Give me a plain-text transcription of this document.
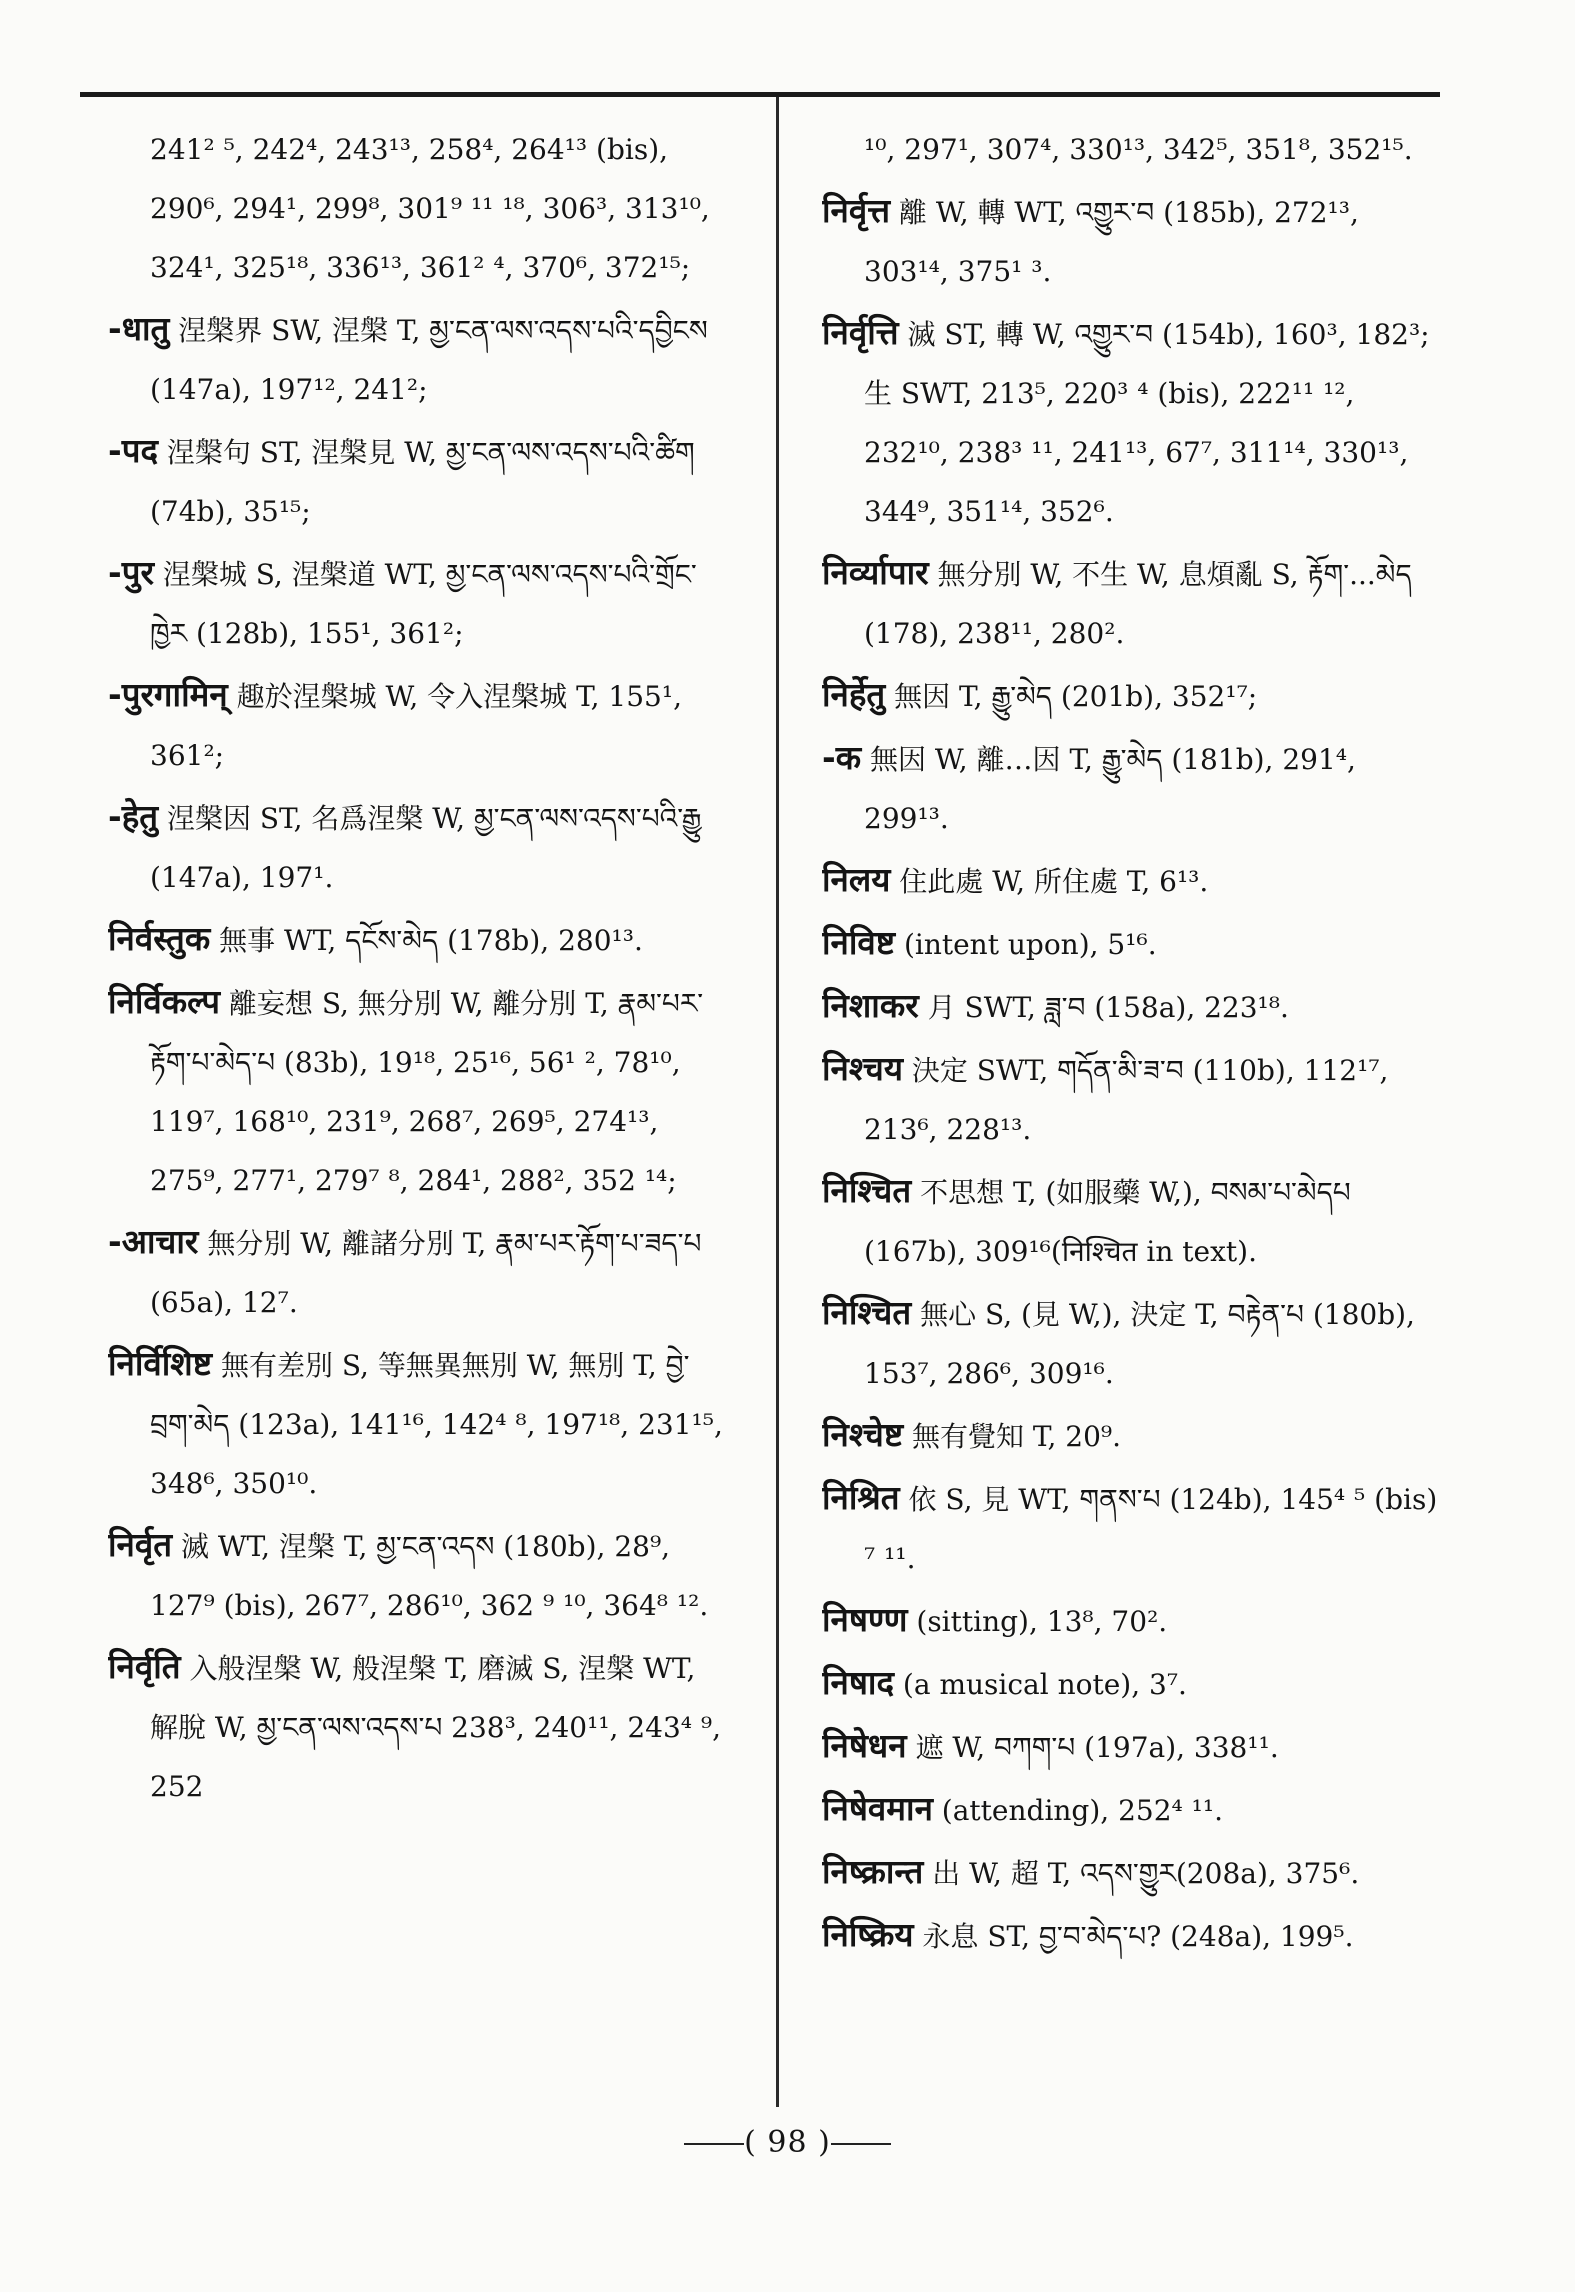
241² ⁵, 242⁴, 243¹³, 258⁴, 264¹³ (bis), 290⁶, 294¹, 299⁸, 301⁹ ¹¹ ¹⁸, 306³, 313¹⁰, 324¹, 325¹⁸, 336¹³, 361² ⁴, 370⁶, 372¹⁵;

-धातु 涅槃界 SW, 涅槃 T, མྱ་ངན་ལས་འདས་པའི་དབྱིངས (147a), 197¹², 241²;

-पद 涅槃句 ST, 涅槃見 W, མྱ་ངན་ལས་འདས་པའི་ཚིག (74b), 35¹⁵;

-पुर 涅槃城 S, 涅槃道 WT, མྱ་ངན་ལས་འདས་པའི་གྲོང་ཁྱེར (128b), 155¹, 361²;

-पुरगामिन् 趣於涅槃城 W, 令入涅槃城 T, 155¹, 361²;

-हेतु 涅槃因 ST, 名爲涅槃 W, མྱ་ངན་ལས་འདས་པའི་རྒྱུ (147a), 197¹.

निर्वस्तुक 無事 WT, དངོས་མེད (178b), 280¹³.

निर्विकल्प 離妄想 S, 無分別 W, 離分別 T, རྣམ་པར་རྟོག་པ་མེད་པ (83b), 19¹⁸, 25¹⁶, 56¹ ², 78¹⁰, 119⁷, 168¹⁰, 231⁹, 268⁷, 269⁵, 274¹³, 275⁹, 277¹, 279⁷ ⁸, 284¹, 288², 352 ¹⁴;

-आचार 無分別 W, 離諸分別 T, རྣམ་པར་རྟོག་པ་ཟད་པ (65a), 12⁷.

निर्विशिष्ट 無有差別 S, 等無異無別 W, 無別 T, བྱེ་བྲག་མེད (123a), 141¹⁶, 142⁴ ⁸, 197¹⁸, 231¹⁵, 348⁶, 350¹⁰.

निर्वृत 滅 WT, 涅槃 T, མྱ་ངན་འདས (180b), 28⁹, 127⁹ (bis), 267⁷, 286¹⁰, 362 ⁹ ¹⁰, 364⁸ ¹².

निर्वृति 入般涅槃 W, 般涅槃 T, 磨滅 S, 涅槃 WT, 解脫 W, མྱ་ངན་ལས་འདས་པ 238³, 240¹¹, 243⁴ ⁹, 252

¹⁰, 297¹, 307⁴, 330¹³, 342⁵, 351⁸, 352¹⁵.

निर्वृत्त 離 W, 轉 WT, འགྱུར་བ (185b), 272¹³, 303¹⁴, 375¹ ³.

निर्वृत्ति 滅 ST, 轉 W, འགྱུར་བ (154b), 160³, 182³; 生 SWT, 213⁵, 220³ ⁴ (bis), 222¹¹ ¹², 232¹⁰, 238³ ¹¹, 241¹³, 67⁷, 311¹⁴, 330¹³, 344⁹, 351¹⁴, 352⁶.

निर्व्यापार 無分別 W, 不生 W, 息煩亂 S, རྟོག་...མེད (178), 238¹¹, 280².

निर्हेतु 無因 T, རྒྱུ་མེད (201b), 352¹⁷;

-क 無因 W, 離…因 T, རྒྱུ་མེད (181b), 291⁴, 299¹³.

निलय 住此處 W, 所住處 T, 6¹³.

निविष्ट (intent upon), 5¹⁶.

निशाकर 月 SWT, ཟླ་བ (158a), 223¹⁸.

निश्चय 決定 SWT, གདོན་མི་ཟ་བ (110b), 112¹⁷, 213⁶, 228¹³.

निश्चित 不思想 T, (如服藥 W,), བསམ་པ་མེདཔ (167b), 309¹⁶(निश्चित in text).

निश्चित 無心 S, (見 W,), 決定 T, བརྟེན་པ (180b), 153⁷, 286⁶, 309¹⁶.

निश्चेष्ट 無有覺知 T, 20⁹.

निश्रित 依 S, 見 WT, གནས་པ (124b), 145⁴ ⁵ (bis) ⁷ ¹¹.

निषण्ण (sitting), 13⁸, 70².

निषाद (a musical note), 3⁷.

निषेधन 遮 W, བཀག་པ (197a), 338¹¹.

निषेवमान (attending), 252⁴ ¹¹.

निष्क्रान्त 出 W, 超 T, འདས་གྱུར(208a), 375⁶.

निष्क्रिय 永息 ST, བྱ་བ་མེད་པ? (248a), 199⁵.

( 98 )
